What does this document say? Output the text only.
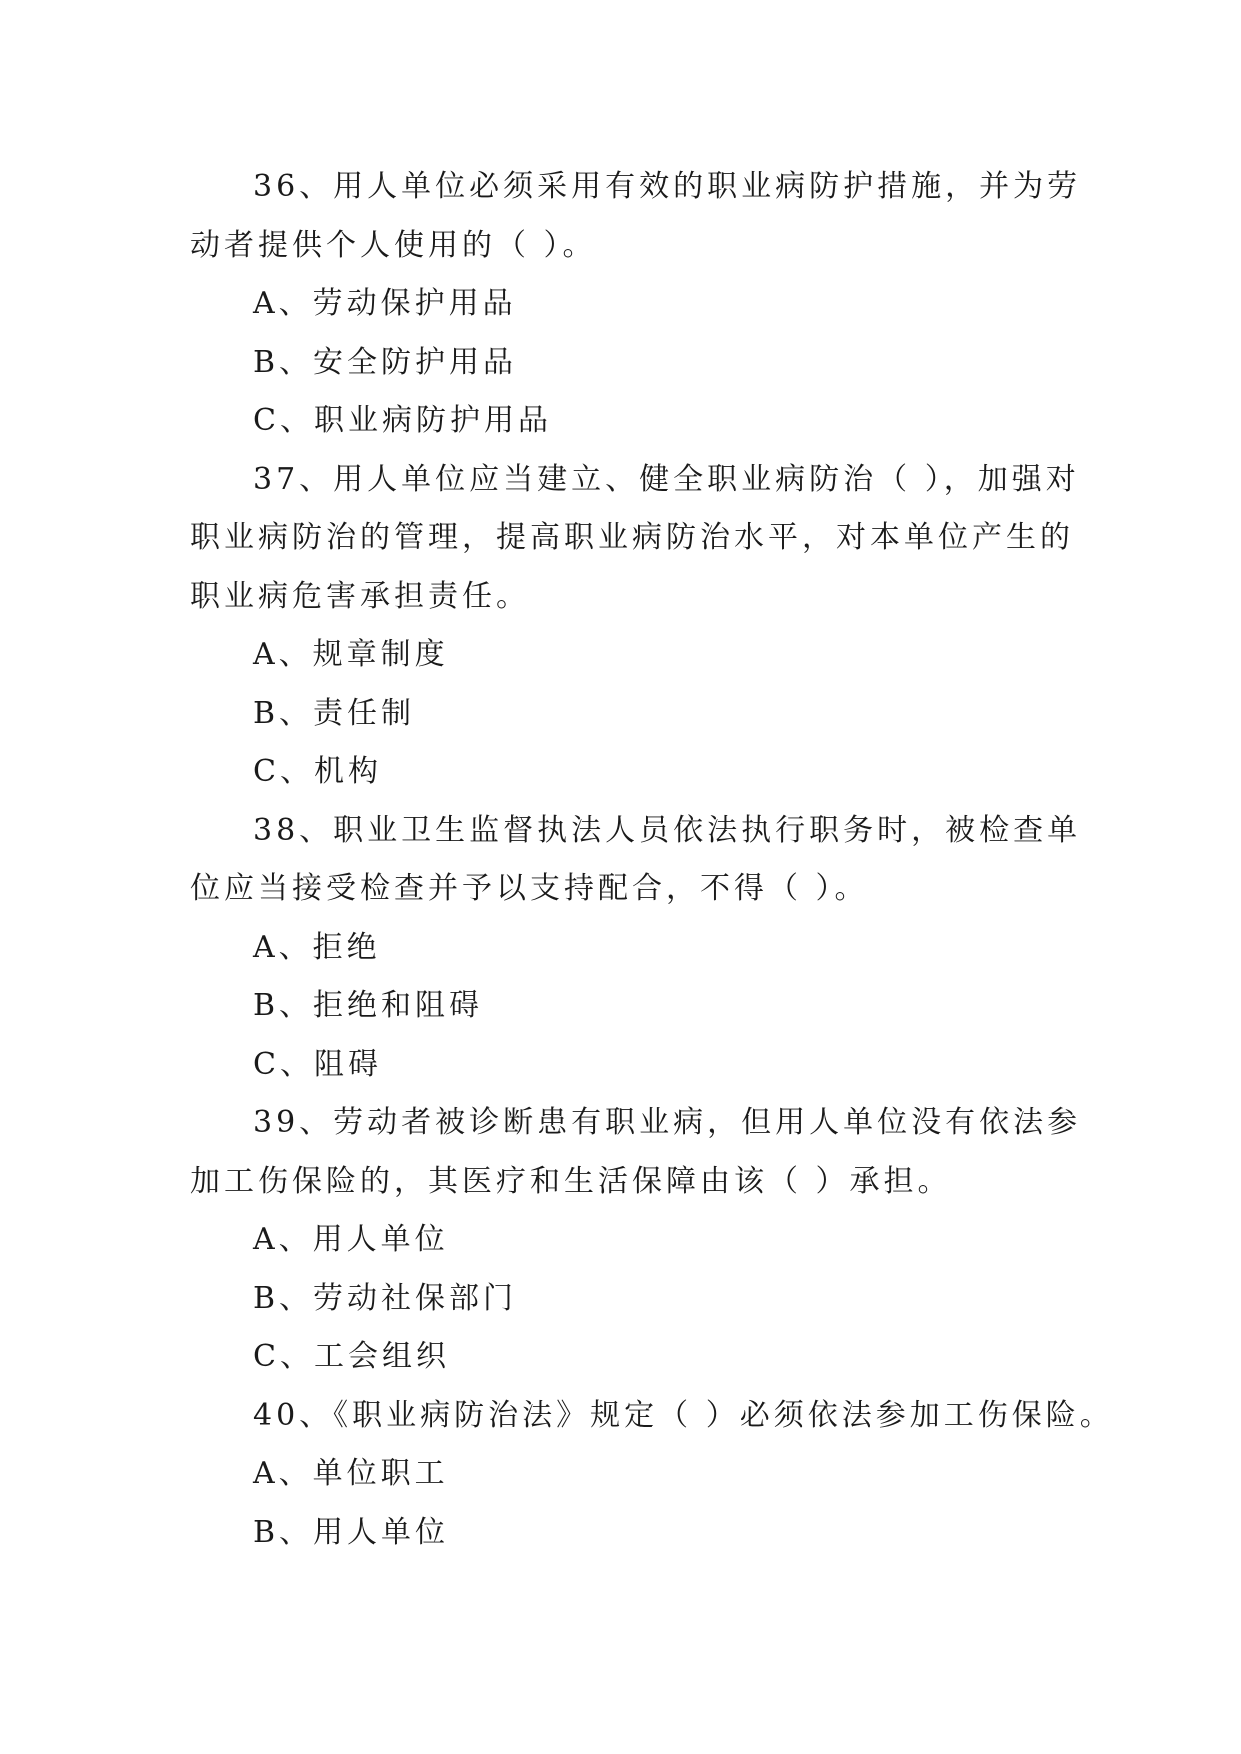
36、用人单位必须采用有效的职业病防护措施，并为劳
动者提供个人使用的（ ）。
A、劳动保护用品
B、安全防护用品
C、职业病防护用品
37、用人单位应当建立、健全职业病防治（ ），加强对
职业病防治的管理，提高职业病防治水平，对本单位产生的
职业病危害承担责任。
A、规章制度
B、责任制
C、机构
38、职业卫生监督执法人员依法执行职务时，被检查单
位应当接受检查并予以支持配合，不得（ ）。
A、拒绝
B、拒绝和阻碍
C、阻碍
39、劳动者被诊断患有职业病，但用人单位没有依法参
加工伤保险的，其医疗和生活保障由该（ ）承担。
A、用人单位
B、劳动社保部门
C、工会组织
40、《职业病防治法》规定（ ）必须依法参加工伤保险。
A、单位职工
B、用人单位
